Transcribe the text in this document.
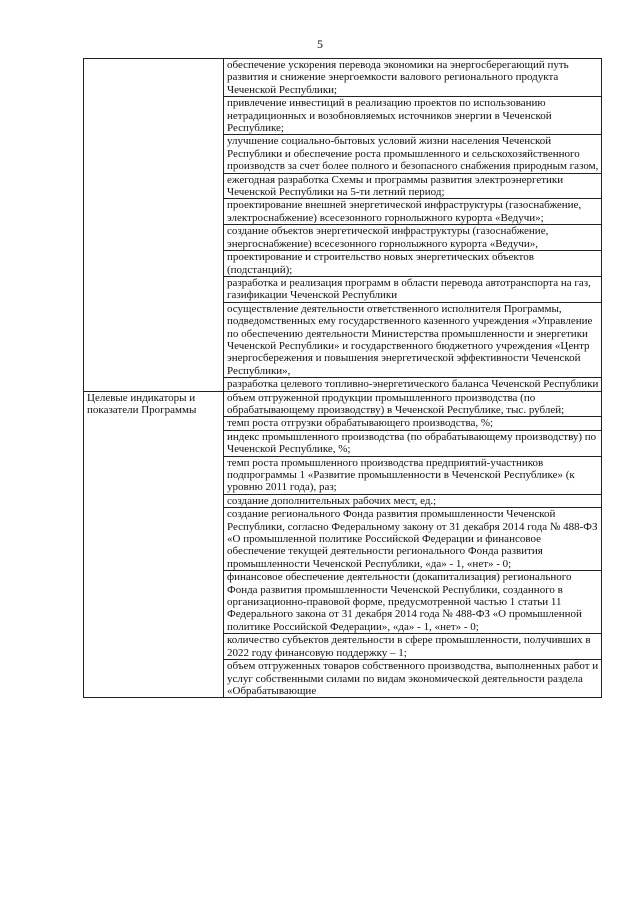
5
	обеспечение ускорения перевода экономики на энергосберегающий путь развития и снижение энергоемкости валового регионального продукта Чеченской Республики;
	привлечение инвестиций в реализацию проектов по использованию нетрадиционных и возобновляемых источников энергии в Чеченской Республике;
	улучшение социально-бытовых условий жизни населения Чеченской Республики и обеспечение роста промышленного и сельскохозяйственного производств за счет более полного и безопасного снабжения природным газом,
	ежегодная разработка Схемы и программы развития электроэнергетики Чеченской Республики на 5-ти летний период;
	проектирование внешней энергетической инфраструктуры (газоснабжение, электроснабжение) всесезонного горнолыжного курорта «Ведучи»;
	создание объектов энергетической инфраструктуры (газоснабжение, энергоснабжение) всесезонного горнолыжного курорта «Ведучи»,
	проектирование и строительство новых энергетических объектов (подстанций);
	разработка и реализация программ в области перевода автотранспорта на газ, газификации Чеченской Республики
	осуществление деятельности ответственного исполнителя Программы, подведомственных ему государственного казенного учреждения «Управление по обеспечению деятельности Министерства промышленности и энергетики Чеченской Республики» и государственного бюджетного учреждения «Центр энергосбережения и повышения энергетической эффективности Чеченской Республики»,
	разработка целевого топливно-энергетического баланса Чеченской Республики
Целевые индикаторы и показатели Программы	объем отгруженной продукции промышленного производства (по обрабатывающему производству) в Чеченской Республике, тыс. рублей;
	темп роста отгрузки обрабатывающего производства, %;
	индекс промышленного производства (по обрабатывающему производству) по Чеченской Республике, %;
	темп роста промышленного производства предприятий-участников подпрограммы 1 «Развитие промышленности в Чеченской Республике» (к уровню 2011 года), раз;
	создание дополнительных рабочих мест, ед.;
	создание регионального Фонда развития промышленности Чеченской Республики, согласно Федеральному закону от 31 декабря 2014 года № 488-ФЗ «О промышленной политике Российской Федерации и финансовое обеспечение текущей деятельности регионального Фонда развития промышленности Чеченской Республики, «да» - 1, «нет» - 0;
	финансовое обеспечение деятельности (докапитализация) регионального Фонда развития промышленности Чеченской Республики, созданного в организационно-правовой форме, предусмотренной частью 1 статьи 11 Федерального закона от 31 декабря 2014 года № 488-ФЗ «О промышленной политике Российской Федерации», «да» - 1, «нет» - 0;
	количество субъектов деятельности в сфере промышленности, получивших в 2022 году финансовую поддержку – 1;
	объем отгруженных товаров собственного производства, выполненных работ и услуг собственными силами по видам экономической деятельности раздела «Обрабатывающие
